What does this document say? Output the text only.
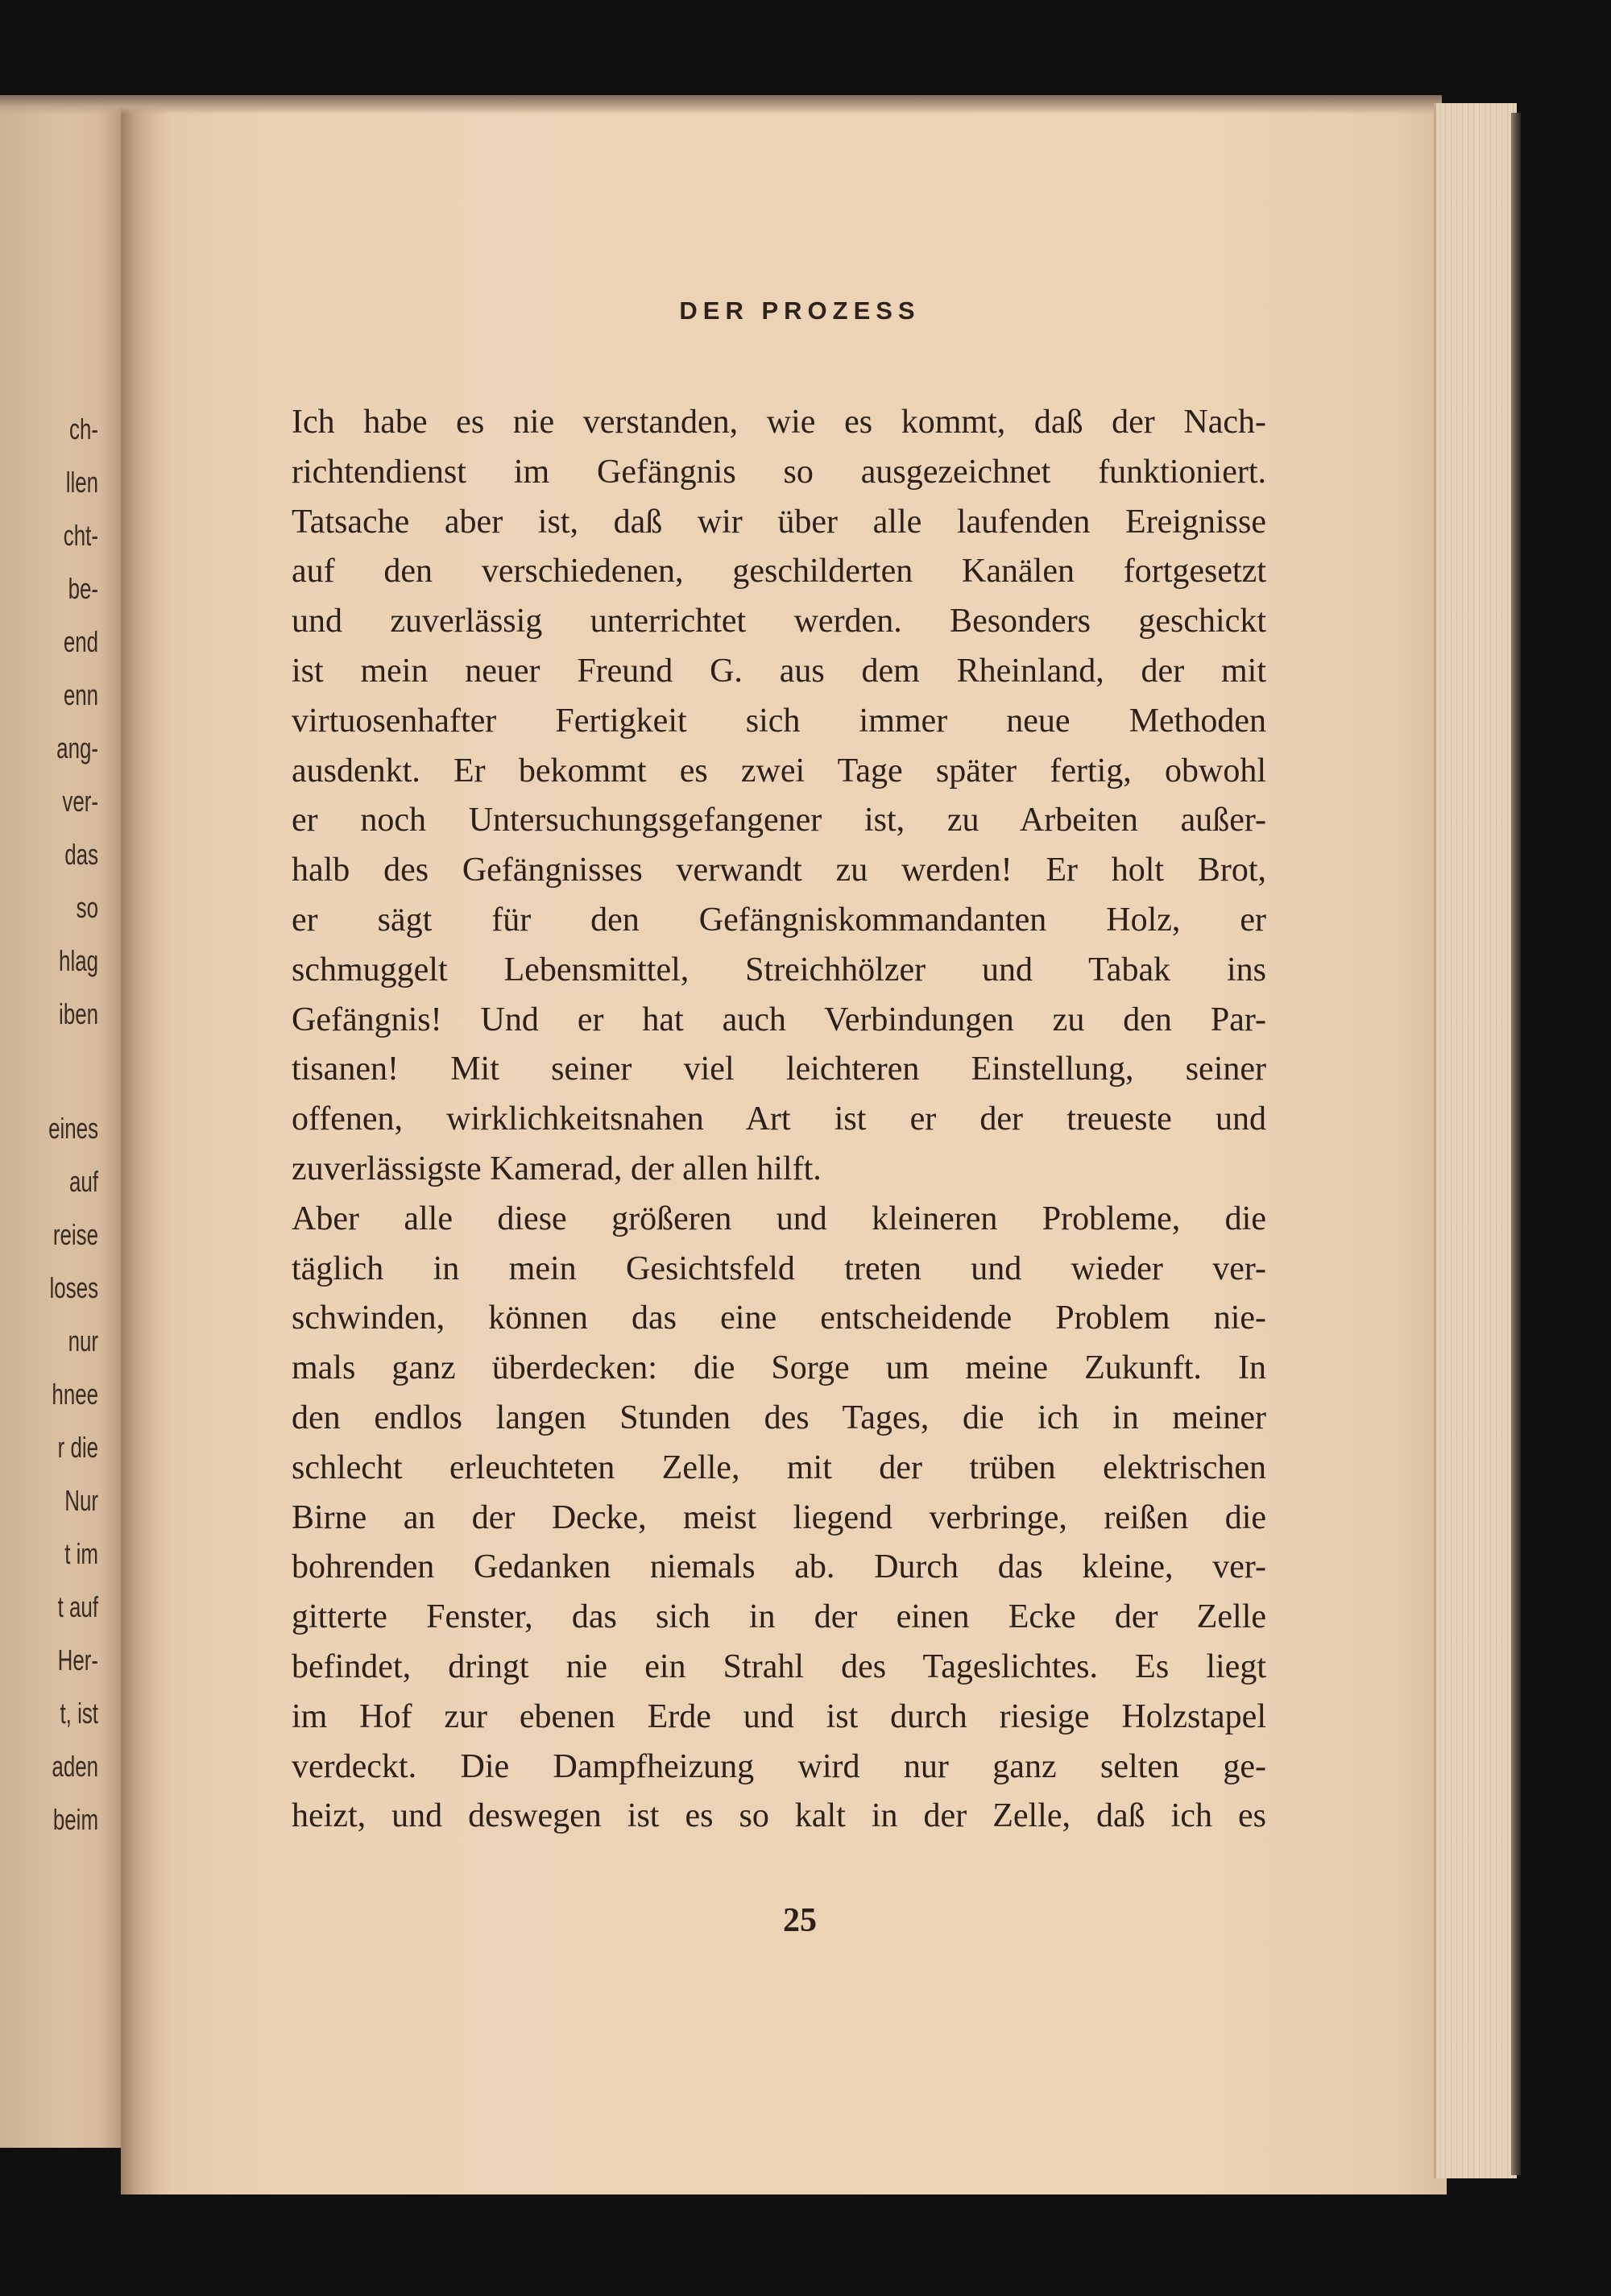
ch-
llen
cht-
be-
end
enn
ang-
ver-
das
so
hlag
iben
eines
auf
reise
loses
nur
hnee
r die
Nur
t im
t auf
Her-
t, ist
aden
beim
DER PROZESS
Ich habe es nie verstanden, wie es kommt, daß der Nach-
richtendienst im Gefängnis so ausgezeichnet funktioniert.
Tatsache aber ist, daß wir über alle laufenden Ereignisse
auf den verschiedenen, geschilderten Kanälen fortgesetzt
und zuverlässig unterrichtet werden. Besonders geschickt
ist mein neuer Freund G. aus dem Rheinland, der mit
virtuosenhafter Fertigkeit sich immer neue Methoden
ausdenkt. Er bekommt es zwei Tage später fertig, obwohl
er noch Untersuchungsgefangener ist, zu Arbeiten außer-
halb des Gefängnisses verwandt zu werden! Er holt Brot,
er sägt für den Gefängniskommandanten Holz, er
schmuggelt Lebensmittel, Streichhölzer und Tabak ins
Gefängnis! Und er hat auch Verbindungen zu den Par-
tisanen! Mit seiner viel leichteren Einstellung, seiner
offenen, wirklichkeitsnahen Art ist er der treueste und
zuverlässigste Kamerad, der allen hilft.
Aber alle diese größeren und kleineren Probleme, die
täglich in mein Gesichtsfeld treten und wieder ver-
schwinden, können das eine entscheidende Problem nie-
mals ganz überdecken: die Sorge um meine Zukunft. In
den endlos langen Stunden des Tages, die ich in meiner
schlecht erleuchteten Zelle, mit der trüben elektrischen
Birne an der Decke, meist liegend verbringe, reißen die
bohrenden Gedanken niemals ab. Durch das kleine, ver-
gitterte Fenster, das sich in der einen Ecke der Zelle
befindet, dringt nie ein Strahl des Tageslichtes. Es liegt
im Hof zur ebenen Erde und ist durch riesige Holzstapel
verdeckt. Die Dampfheizung wird nur ganz selten ge-
heizt, und deswegen ist es so kalt in der Zelle, daß ich es
25
